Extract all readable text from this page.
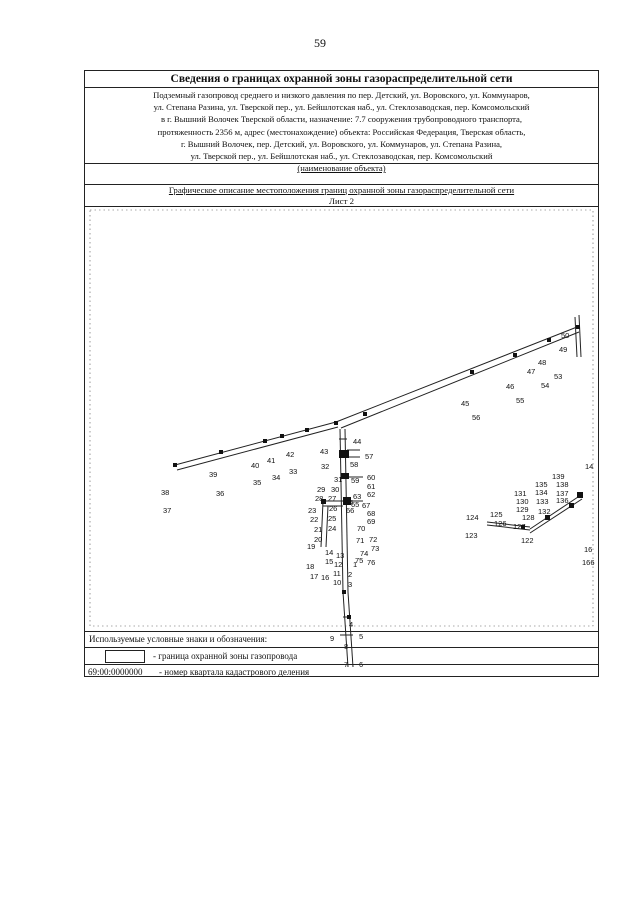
59
Сведения о границах охранной зоны газораспределительной сети
Подземный газопровод среднего и низкого давления по пер. Детский, ул. Воровского, ул. Коммунаров,
ул. Степана Разина, ул. Тверской пер., ул. Бейшлотская наб., ул. Стеклозаводская, пер. Комсомольский
в г. Вышний Волочек Тверской области, назначение: 7.7 сооружения трубопроводного транспорта,
протяженность 2356 м, адрес (местонахождение) объекта: Российская Федерация, Тверская область,
г. Вышний Волочек, пер. Детский, ул. Воровского, ул. Коммунаров, ул. Степана Разина,
ул. Тверской пер., ул. Бейшлотская наб., ул. Стеклозаводская, пер. Комсомольский
(наименование объекта)
Графическое описание местоположения границ охранной зоны газораспределительной сети
Лист 2
1
2
3
4
5
6
7
8
9
10
11
12
13
14
15
16
17
18
19
20
21
22
23
24
25
26
27
28
29 30
31
32
33
34
35
36
37
38
39
40
41
42	43
44
45
46
47
48
49
50
53
54
55
56
57
58
59 60
61
62
63
64
65
66
67
68
69
70
71 72
73
74
75 76
122
123
124 125
126 127
128
129
130
131
132
133
134
135
136
137
138
139
14
16
166
Используемые условные знаки и обозначения:
- граница охранной зоны газопровода
69:00:0000000 - номер квартала кадастрового деления
